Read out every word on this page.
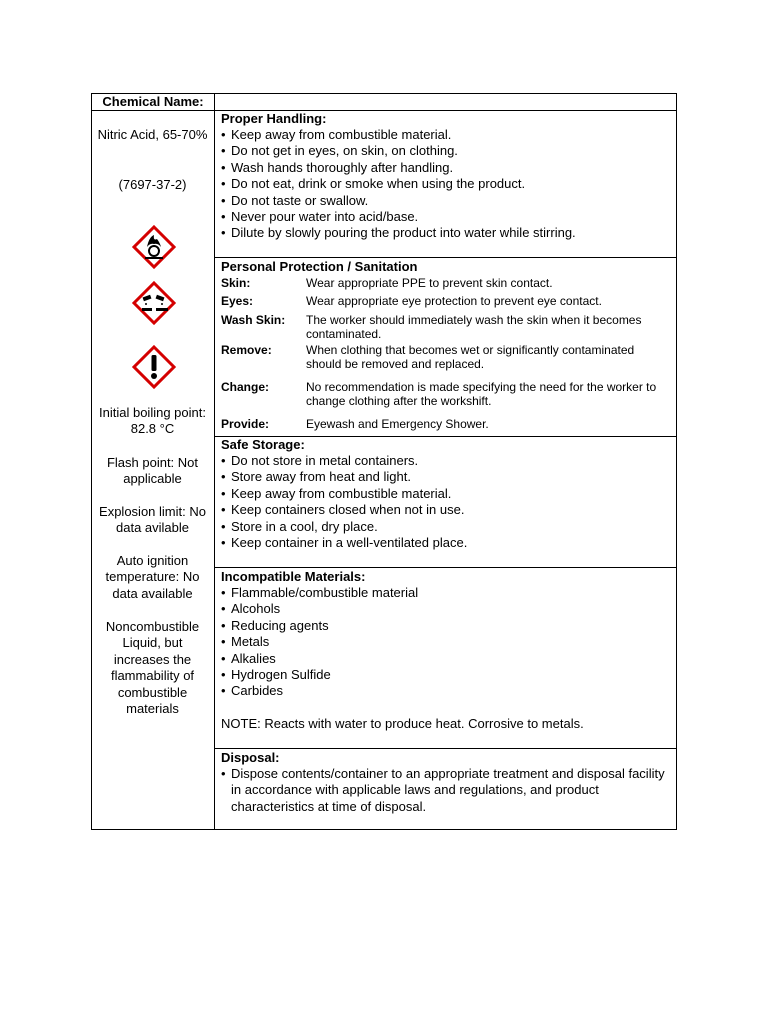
Chemical Name:
Nitric Acid, 65-70%
(7697-37-2)
Initial boiling point: 82.8 °C
Flash point: Not applicable
Explosion limit: No data avilable
Auto ignition temperature: No data available
Noncombustible Liquid, but increases the flammability of combustible materials
Proper Handling:
• Keep away from combustible material.
• Do not get in eyes, on skin, on clothing.
• Wash hands thoroughly after handling.
• Do not eat, drink or smoke when using the product.
• Do not taste or swallow.
• Never pour water into acid/base.
• Dilute by slowly pouring the product into water while stirring.
Personal Protection / Sanitation
Skin:	Wear appropriate PPE to prevent skin contact.
Eyes:	Wear appropriate eye protection to prevent eye contact.
Wash Skin: The worker should immediately wash the skin when it becomes contaminated.
Remove:	When clothing that becomes wet or significantly contaminated should be removed and replaced.
Change:	No recommendation is made specifying the need for the worker to change clothing after the workshift.
Provide:	Eyewash and Emergency Shower.
Safe Storage:
• Do not store in metal containers.
• Store away from heat and light.
• Keep away from combustible material.
• Keep containers closed when not in use.
• Store in a cool, dry place.
• Keep container in a well-ventilated place.
Incompatible Materials:
• Flammable/combustible material
• Alcohols
• Reducing agents
• Metals
• Alkalies
• Hydrogen Sulfide
• Carbides
NOTE: Reacts with water to produce heat. Corrosive to metals.
Disposal:
• Dispose contents/container to an appropriate treatment and disposal facility in accordance with applicable laws and regulations, and product characteristics at time of disposal.
